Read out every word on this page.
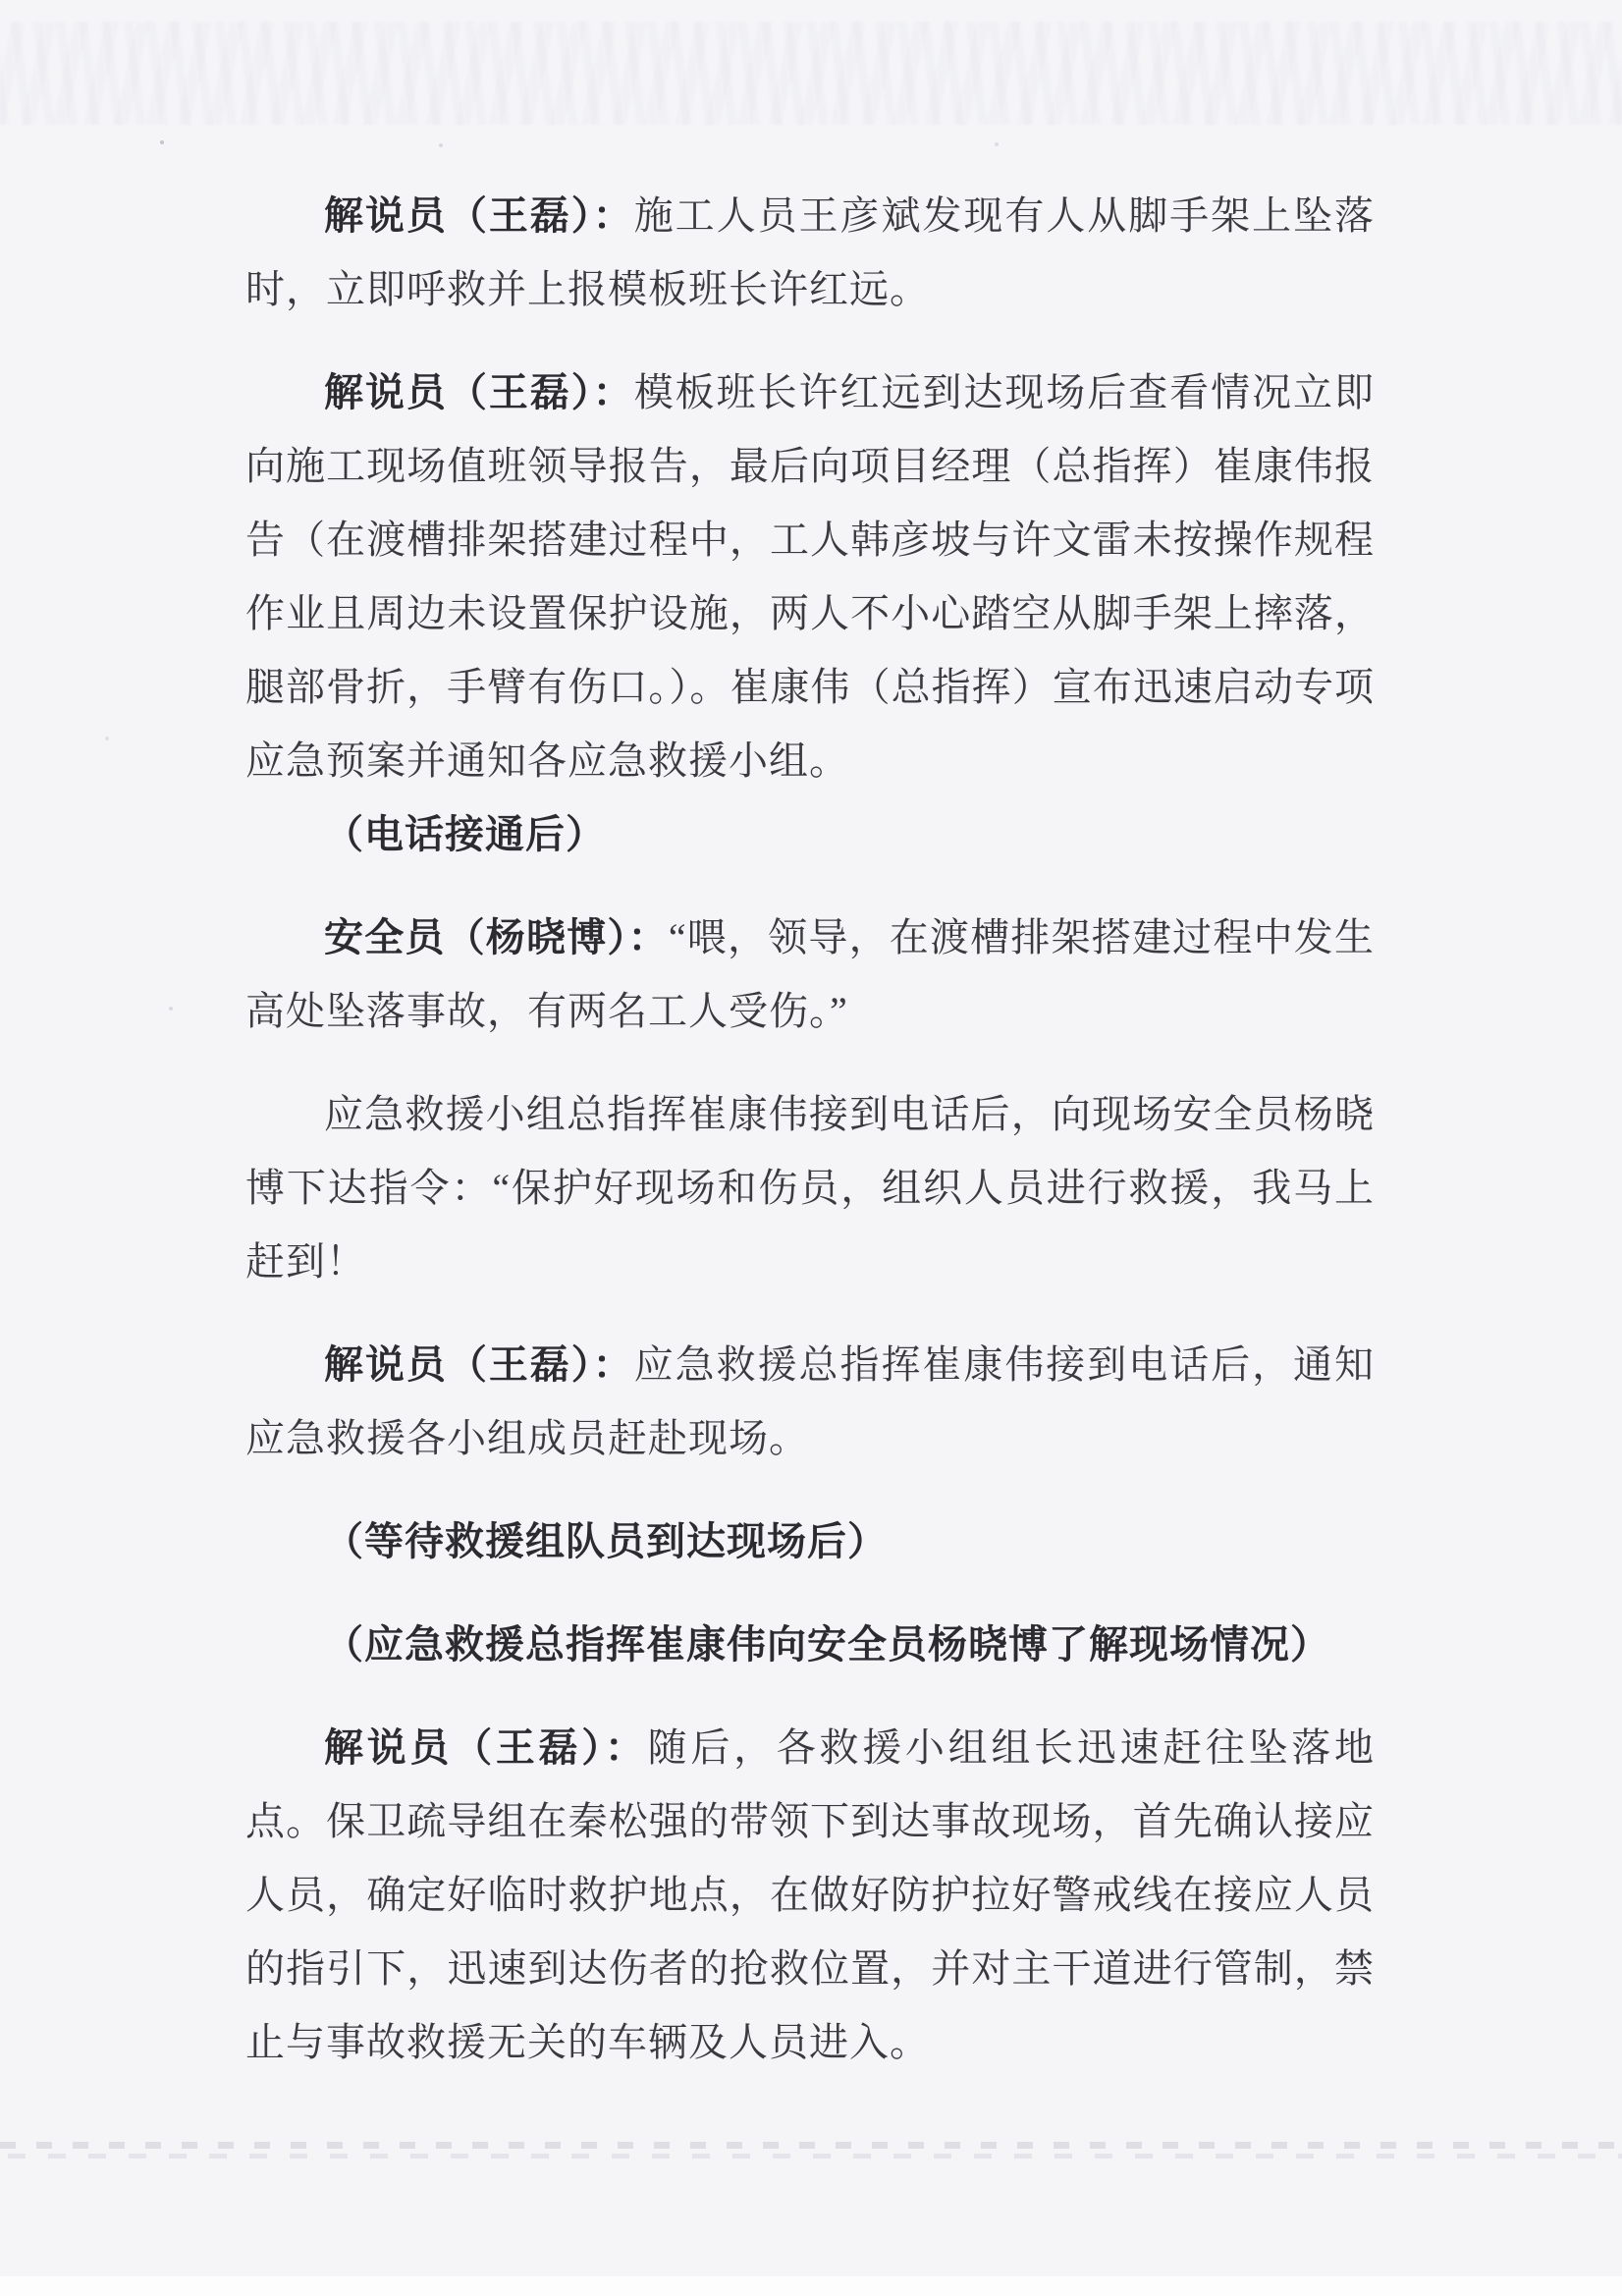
解说员（王磊）：施工人员王彦斌发现有人从脚手架上坠落时，立即呼救并上报模板班长许红远。

解说员（王磊）：模板班长许红远到达现场后查看情况立即向施工现场值班领导报告，最后向项目经理（总指挥）崔康伟报告（在渡槽排架搭建过程中，工人韩彦坡与许文雷未按操作规程作业且周边未设置保护设施，两人不小心踏空从脚手架上摔落，腿部骨折，手臂有伤口。）。崔康伟（总指挥）宣布迅速启动专项应急预案并通知各应急救援小组。

（电话接通后）

安全员（杨晓博）：“喂，领导，在渡槽排架搭建过程中发生高处坠落事故，有两名工人受伤。”

应急救援小组总指挥崔康伟接到电话后，向现场安全员杨晓博下达指令：“保护好现场和伤员，组织人员进行救援，我马上赶到！

解说员（王磊）：应急救援总指挥崔康伟接到电话后，通知应急救援各小组成员赶赴现场。

（等待救援组队员到达现场后）

（应急救援总指挥崔康伟向安全员杨晓博了解现场情况）

解说员（王磊）：随后，各救援小组组长迅速赶往坠落地点。保卫疏导组在秦松强的带领下到达事故现场，首先确认接应人员，确定好临时救护地点，在做好防护拉好警戒线在接应人员的指引下，迅速到达伤者的抢救位置，并对主干道进行管制，禁止与事故救援无关的车辆及人员进入。
